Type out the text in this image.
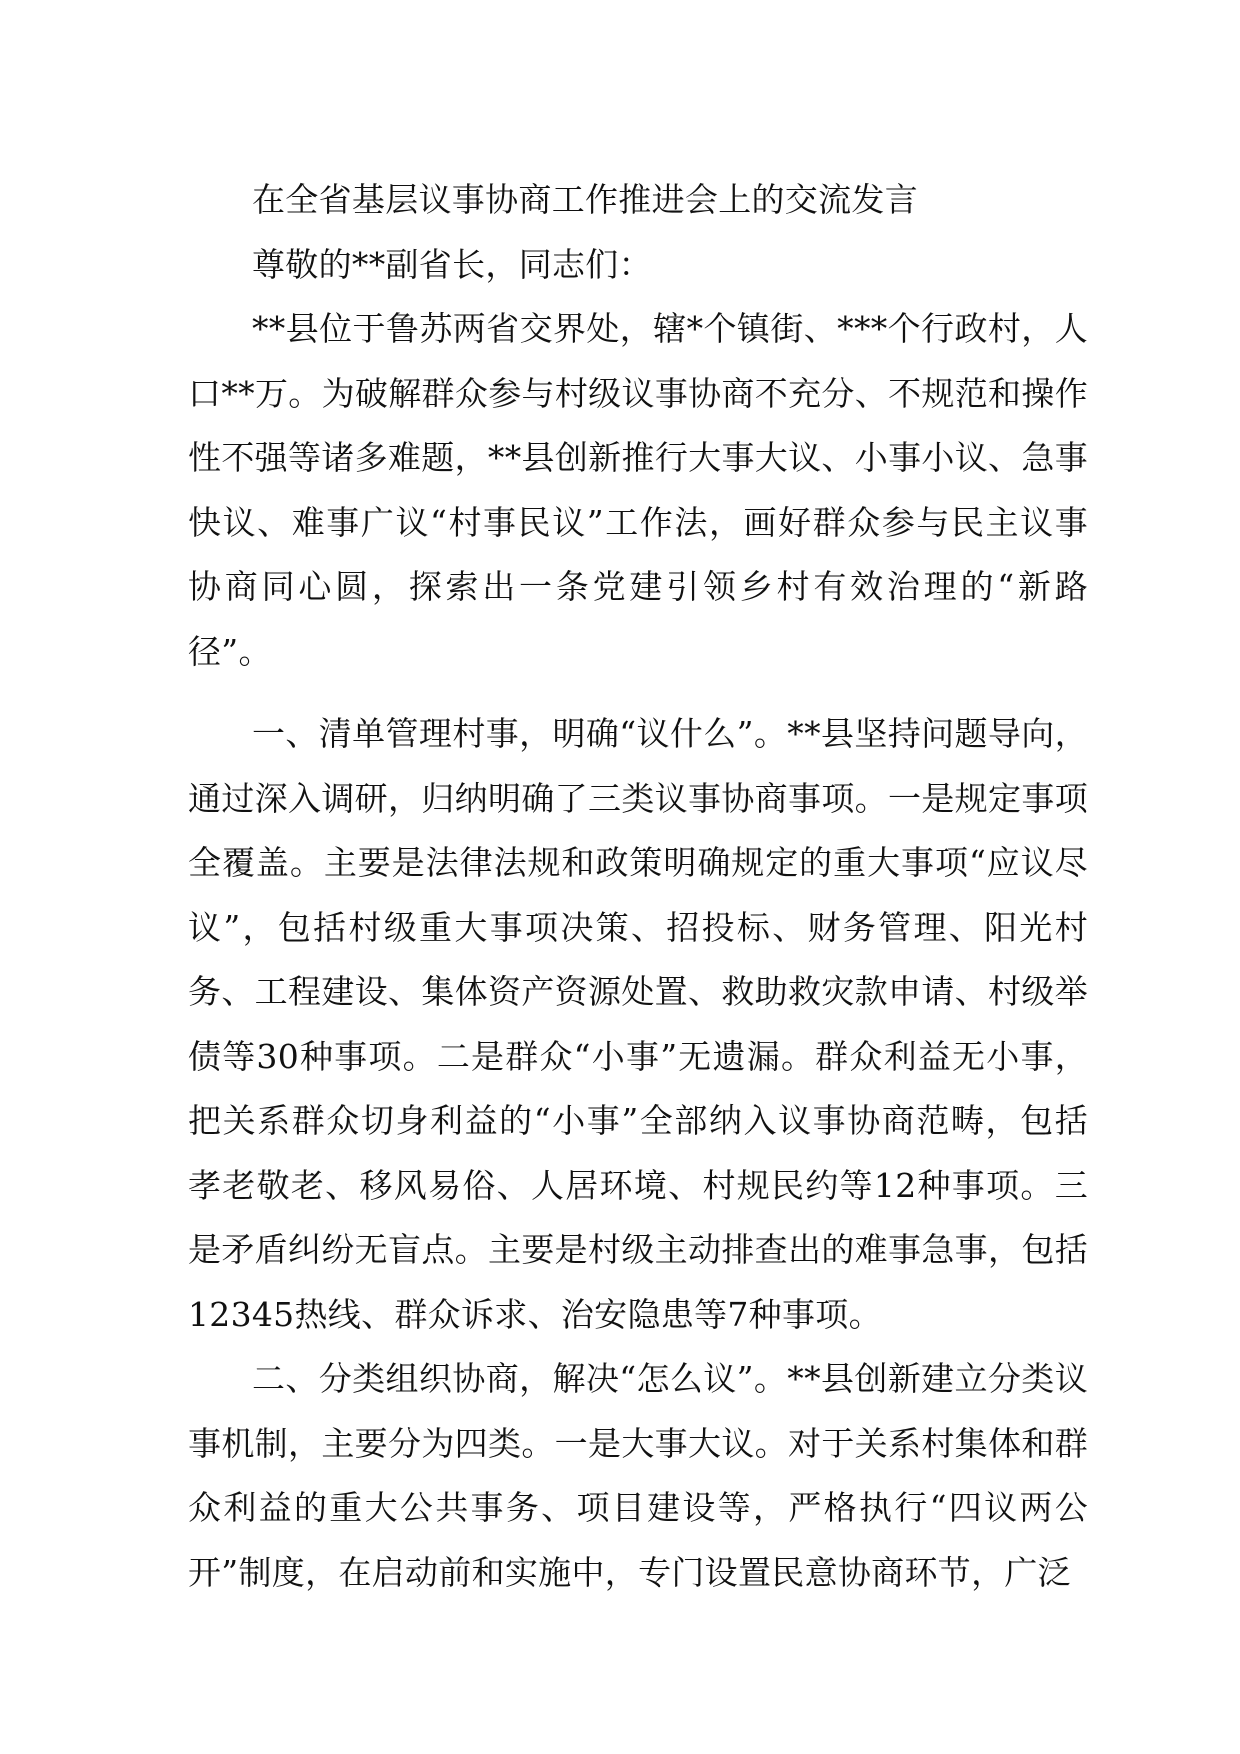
在全省基层议事协商工作推进会上的交流发言

尊敬的**副省长，同志们：

**县位于鲁苏两省交界处，辖*个镇街、***个行政村，人口**万。为破解群众参与村级议事协商不充分、不规范和操作性不强等诸多难题，**县创新推行大事大议、小事小议、急事快议、难事广议“村事民议”工作法，画好群众参与民主议事协商同心圆，探索出一条党建引领乡村有效治理的“新路径”。

一、清单管理村事，明确“议什么”。**县坚持问题导向，通过深入调研，归纳明确了三类议事协商事项。一是规定事项全覆盖。主要是法律法规和政策明确规定的重大事项“应议尽议”，包括村级重大事项决策、招投标、财务管理、阳光村务、工程建设、集体资产资源处置、救助救灾款申请、村级举债等30种事项。二是群众“小事”无遗漏。群众利益无小事，把关系群众切身利益的“小事”全部纳入议事协商范畴，包括孝老敬老、移风易俗、人居环境、村规民约等12种事项。三是矛盾纠纷无盲点。主要是村级主动排查出的难事急事，包括12345热线、群众诉求、治安隐患等7种事项。

二、分类组织协商，解决“怎么议”。**县创新建立分类议事机制，主要分为四类。一是大事大议。对于关系村集体和群众利益的重大公共事务、项目建设等，严格执行“四议两公开”制度，在启动前和实施中，专门设置民意协商环节，广泛
